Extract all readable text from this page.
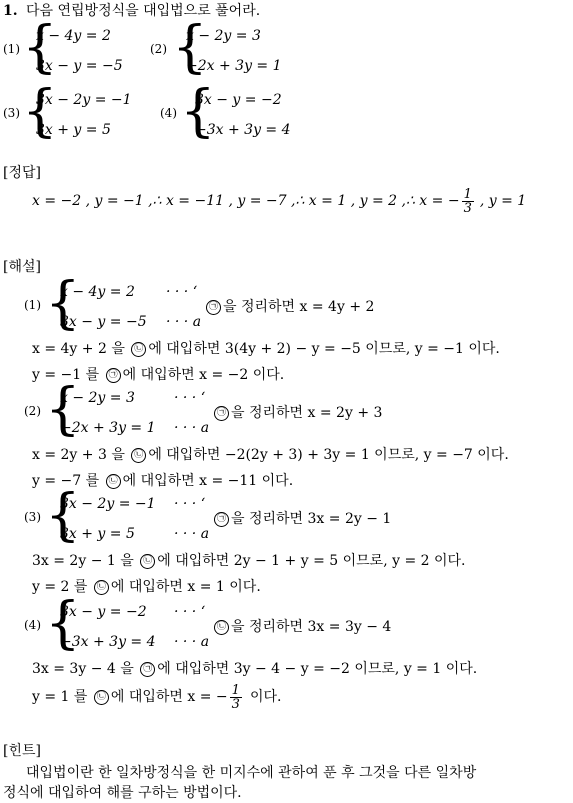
1. 다음 연립방정식을 대입법으로 풀어라.
(1) {
x − 4y = 2
3x − y = −5
(2) {
x − 2y = 3
−2x + 3y = 1
(3) {
3x − 2y = −1
3x + y = 5
(4) {
3x − y = −2
−3x + 3y = 4
[정답]
x = −2 , y = −1 ,∴ x = −11 , y = −7 ,∴ x = 1 , y = 2 ,∴ x = − $\frac{1}{3}$ , y = 1
[해설]
(1) {
x − 4y = 2 · · · ‘
3x − y = −5 · · · a
㉠ 을 정리하면 x = 4y + 2
x = 4y + 2 을 ㉡ 에 대입하면 3(4y + 2) − y = −5 이므로, y = −1 이다.
y = −1 를 ㉠ 에 대입하면 x = −2 이다.
(2) {
x − 2y = 3	· · · ‘
−2x + 3y = 1 · · · a
㉠ 을 정리하면 x = 2y + 3
x = 2y + 3 을 ㉡ 에 대입하면 −2(2y + 3) + 3y = 1 이므로, y = −7 이다.
y = −7 를 ㉡ 에 대입하면 x = −11 이다.
(3) {
3x − 2y = −1 · · · ‘
3x + y = 5	· · · a
㉠ 을 정리하면 3x = 2y − 1
3x = 2y − 1 을 ㉡ 에 대입하면 2y − 1 + y = 5 이므로, y = 2 이다.
y = 2 를 ㉡ 에 대입하면 x = 1 이다.
(4) {
3x − y = −2 · · · ‘
−3x + 3y = 4 · · · a
㉡ 을 정리하면 3x = 3y − 4
3x = 3y − 4 을 ㉠ 에 대입하면 3y − 4 − y = −2 이므로, y = 1 이다.
y = 1 를
	㉡ 에 대입하면 x = − $\frac{1}{3}$ 이다.
[힌트]
대입법이란 한 일차방정식을 한 미지수에 관하여 푼 후 그것을 다른 일차방
정식에 대입하여 해를 구하는 방법이다.
